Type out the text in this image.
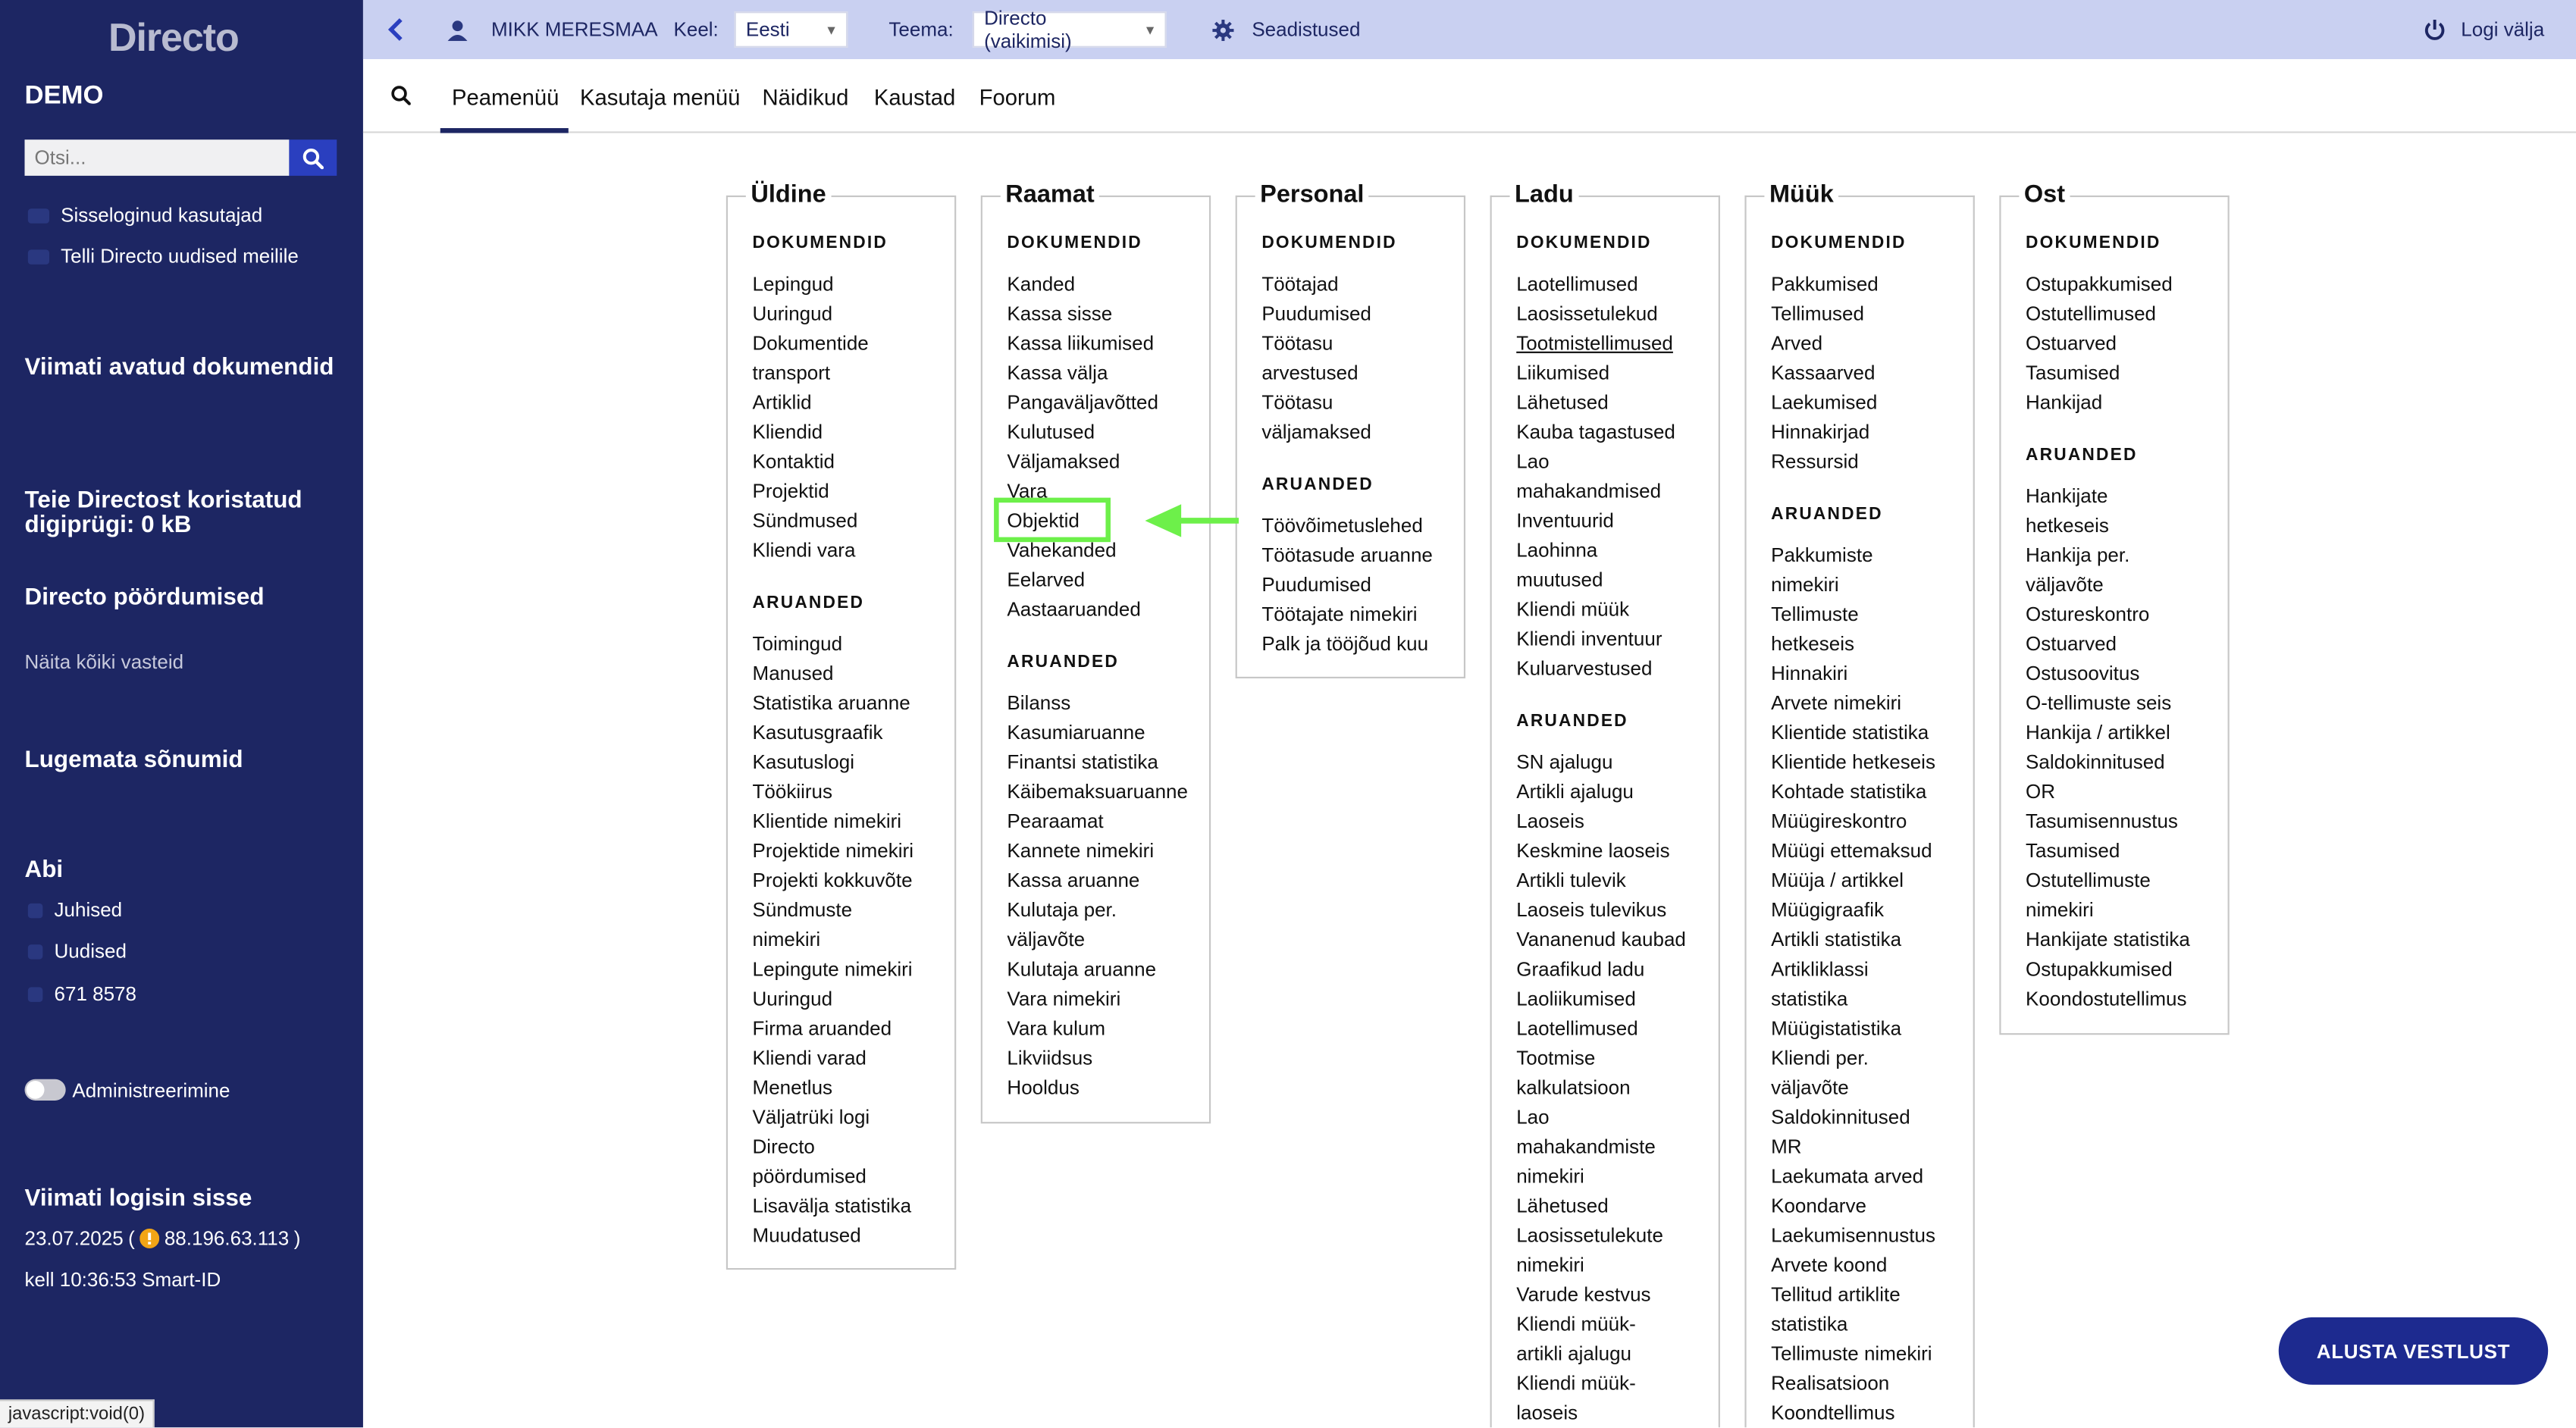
Directo
DEMO
Otsi...
Sisseloginud kasutajad
Telli Directo uudised meilile
Viimati avatud dokumendid
Teie Directost koristatud digiprügi: 0 kB
Directo pöördumised
Näita kõiki vasteid
Lugemata sõnumid
Abi
Juhised
Uudised
671 8578
Administreerimine
Viimati logisin sisse
23.07.2025 (	88.196.63.113 )
kell 10:36:53 Smart-ID
javascript:void(0)
MIKK MERESMAA Keel:	Eesti	▼	Teema:
Directo (vaikimisi)	▼	Seadistused	Logi välja
Peamenüü Kasutaja menüü Näidikud Kaustad Foorum
Üldine
DOKUMENDID
Lepingud
Uuringud
Dokumentide
transport
Artiklid
Kliendid
Kontaktid
Projektid
Sündmused
Kliendi vara
ARUANDED
Toimingud
Manused
Statistika aruanne
Kasutusgraafik
Kasutuslogi
Töökiirus
Klientide nimekiri
Projektide nimekiri
Projekti kokkuvõte
Sündmuste
nimekiri
Lepingute nimekiri
Uuringud
Firma aruanded
Kliendi varad
Menetlus
Väljatrüki logi
Directo
pöördumised
Lisavälja statistika
Muudatused
Raamat
DOKUMENDID
Kanded
Kassa sisse
Kassa liikumised
Kassa välja
Pangaväljavõtted
Kulutused
Väljamaksed
Vara
Objektid
Vahekanded
Eelarved
Aastaaruanded
ARUANDED
Bilanss
Kasumiaruanne
Finantsi statistika
Käibemaksuaruanne
Pearaamat
Kannete nimekiri
Kassa aruanne
Kulutaja per.
väljavõte
Kulutaja aruanne
Vara nimekiri
Vara kulum
Likviidsus
Hooldus
Personal
DOKUMENDID
Töötajad
Puudumised
Töötasu
arvestused
Töötasu
väljamaksed
ARUANDED
Töövõimetuslehed
Töötasude aruanne
Puudumised
Töötajate nimekiri
Palk ja tööjõud kuu
Ladu
DOKUMENDID
Laotellimused
Laosissetulekud
Tootmistellimused
Liikumised
Lähetused
Kauba tagastused
Lao
mahakandmised
Inventuurid
Laohinna
muutused
Kliendi müük
Kliendi inventuur
Kuluarvestused
ARUANDED
SN ajalugu
Artikli ajalugu
Laoseis
Keskmine laoseis
Artikli tulevik
Laoseis tulevikus
Vananenud kaubad
Graafikud ladu
Laoliikumised
Laotellimused
Tootmise
kalkulatsioon
Lao
mahakandmiste
nimekiri
Lähetused
Laosissetulekute
nimekiri
Varude kestvus
Kliendi müük-
artikli ajalugu
Kliendi müük-
laoseis
Müük
DOKUMENDID
Pakkumised
Tellimused
Arved
Kassaarved
Laekumised
Hinnakirjad
Ressursid
ARUANDED
Pakkumiste
nimekiri
Tellimuste
hetkeseis
Hinnakiri
Arvete nimekiri
Klientide statistika
Klientide hetkeseis
Kohtade statistika
Müügireskontro
Müügi ettemaksud
Müüja / artikkel
Müügigraafik
Artikli statistika
Artikliklassi
statistika
Müügistatistika
Kliendi per.
väljavõte
Saldokinnitused
MR
Laekumata arved
Koondarve
Laekumisennustus
Arvete koond
Tellitud artiklite
statistika
Tellimuste nimekiri
Realisatsioon
Koondtellimus
Ost
DOKUMENDID
Ostupakkumised
Ostutellimused
Ostuarved
Tasumised
Hankijad
ARUANDED
Hankijate
hetkeseis
Hankija per.
väljavõte
Ostureskontro
Ostuarved
Ostusoovitus
O-tellimuste seis
Hankija / artikkel
Saldokinnitused
OR
Tasumisennustus
Tasumised
Ostutellimuste
nimekiri
Hankijate statistika
Ostupakkumised
Koondostutellimus
ALUSTA VESTLUST
